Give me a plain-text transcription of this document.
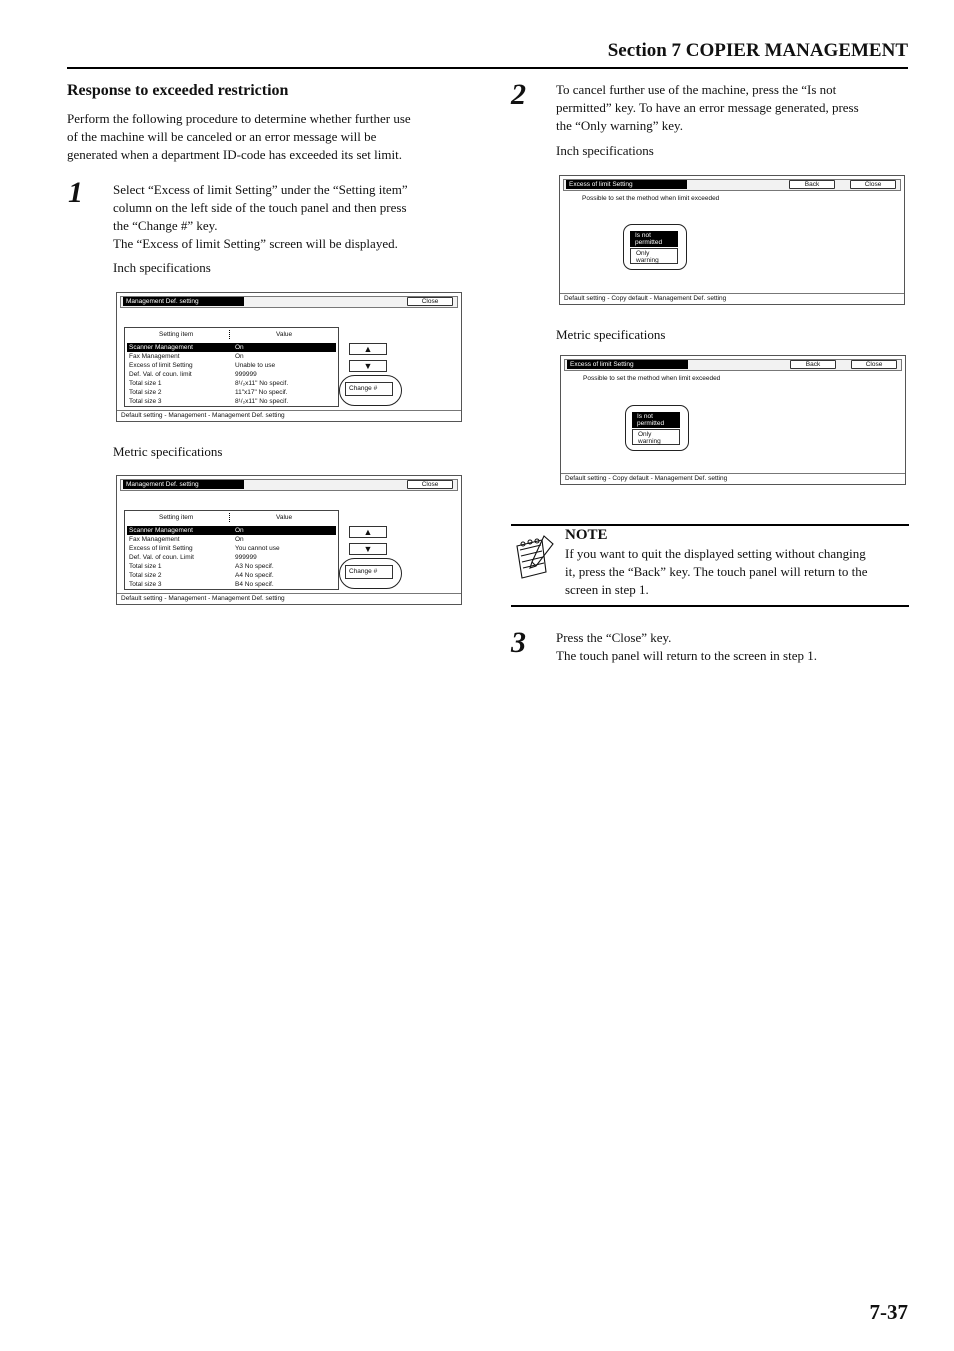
Section 7 COPIER MANAGEMENT
Response to exceeded restriction
Perform the following procedure to determine whether further use
of the machine will be canceled or an error message will be
generated when a department ID-code has exceeded its set limit.
1 Select “Excess of limit Setting” under the “Setting item”
column on the left side of the touch panel and then press
the “Change #” key.
The “Excess of limit Setting” screen will be displayed.
Inch specifications
Management Def. setting	Close
Setting item	Value
Scanner Management	On
Fax Management	On
Excess of limit Setting	Unable to use
Def. Val. of coun. limit	999999
Total size 1	8¹/₂x11" No specif.
Total size 2	11"x17" No specif.
Total size 3	8¹/₂x11" No specif.
▲
▼
Change #
Default setting - Management - Management Def. setting
Metric specifications
Management Def. setting	Close
Setting item	Value
Scanner Management	On
Fax Management	On
Excess of limit Setting	You cannot use
Def. Val. of coun. Limit	999999
Total size 1	A3 No specif.
Total size 2	A4 No specif.
Total size 3	B4 No specif.
▲
▼
Change #
Default setting - Management - Management Def. setting
2 To cancel further use of the machine, press the “Is not
permitted” key. To have an error message generated, press
the “Only warning” key.
Inch specifications
Excess of limit Setting	Back	Close
Possible to set the method when limit exceeded
Is not permitted
Only warning
Default setting - Copy default - Management Def. setting
Metric specifications
Excess of limit Setting	Back	Close
Possible to set the method when limit exceeded
Is not permitted
Only warning
Default setting - Copy default - Management Def. setting
NOTE
If you want to quit the displayed setting without changing
it, press the “Back” key. The touch panel will return to the
screen in step 1.
3 Press the “Close” key.
The touch panel will return to the screen in step 1.
7-37
